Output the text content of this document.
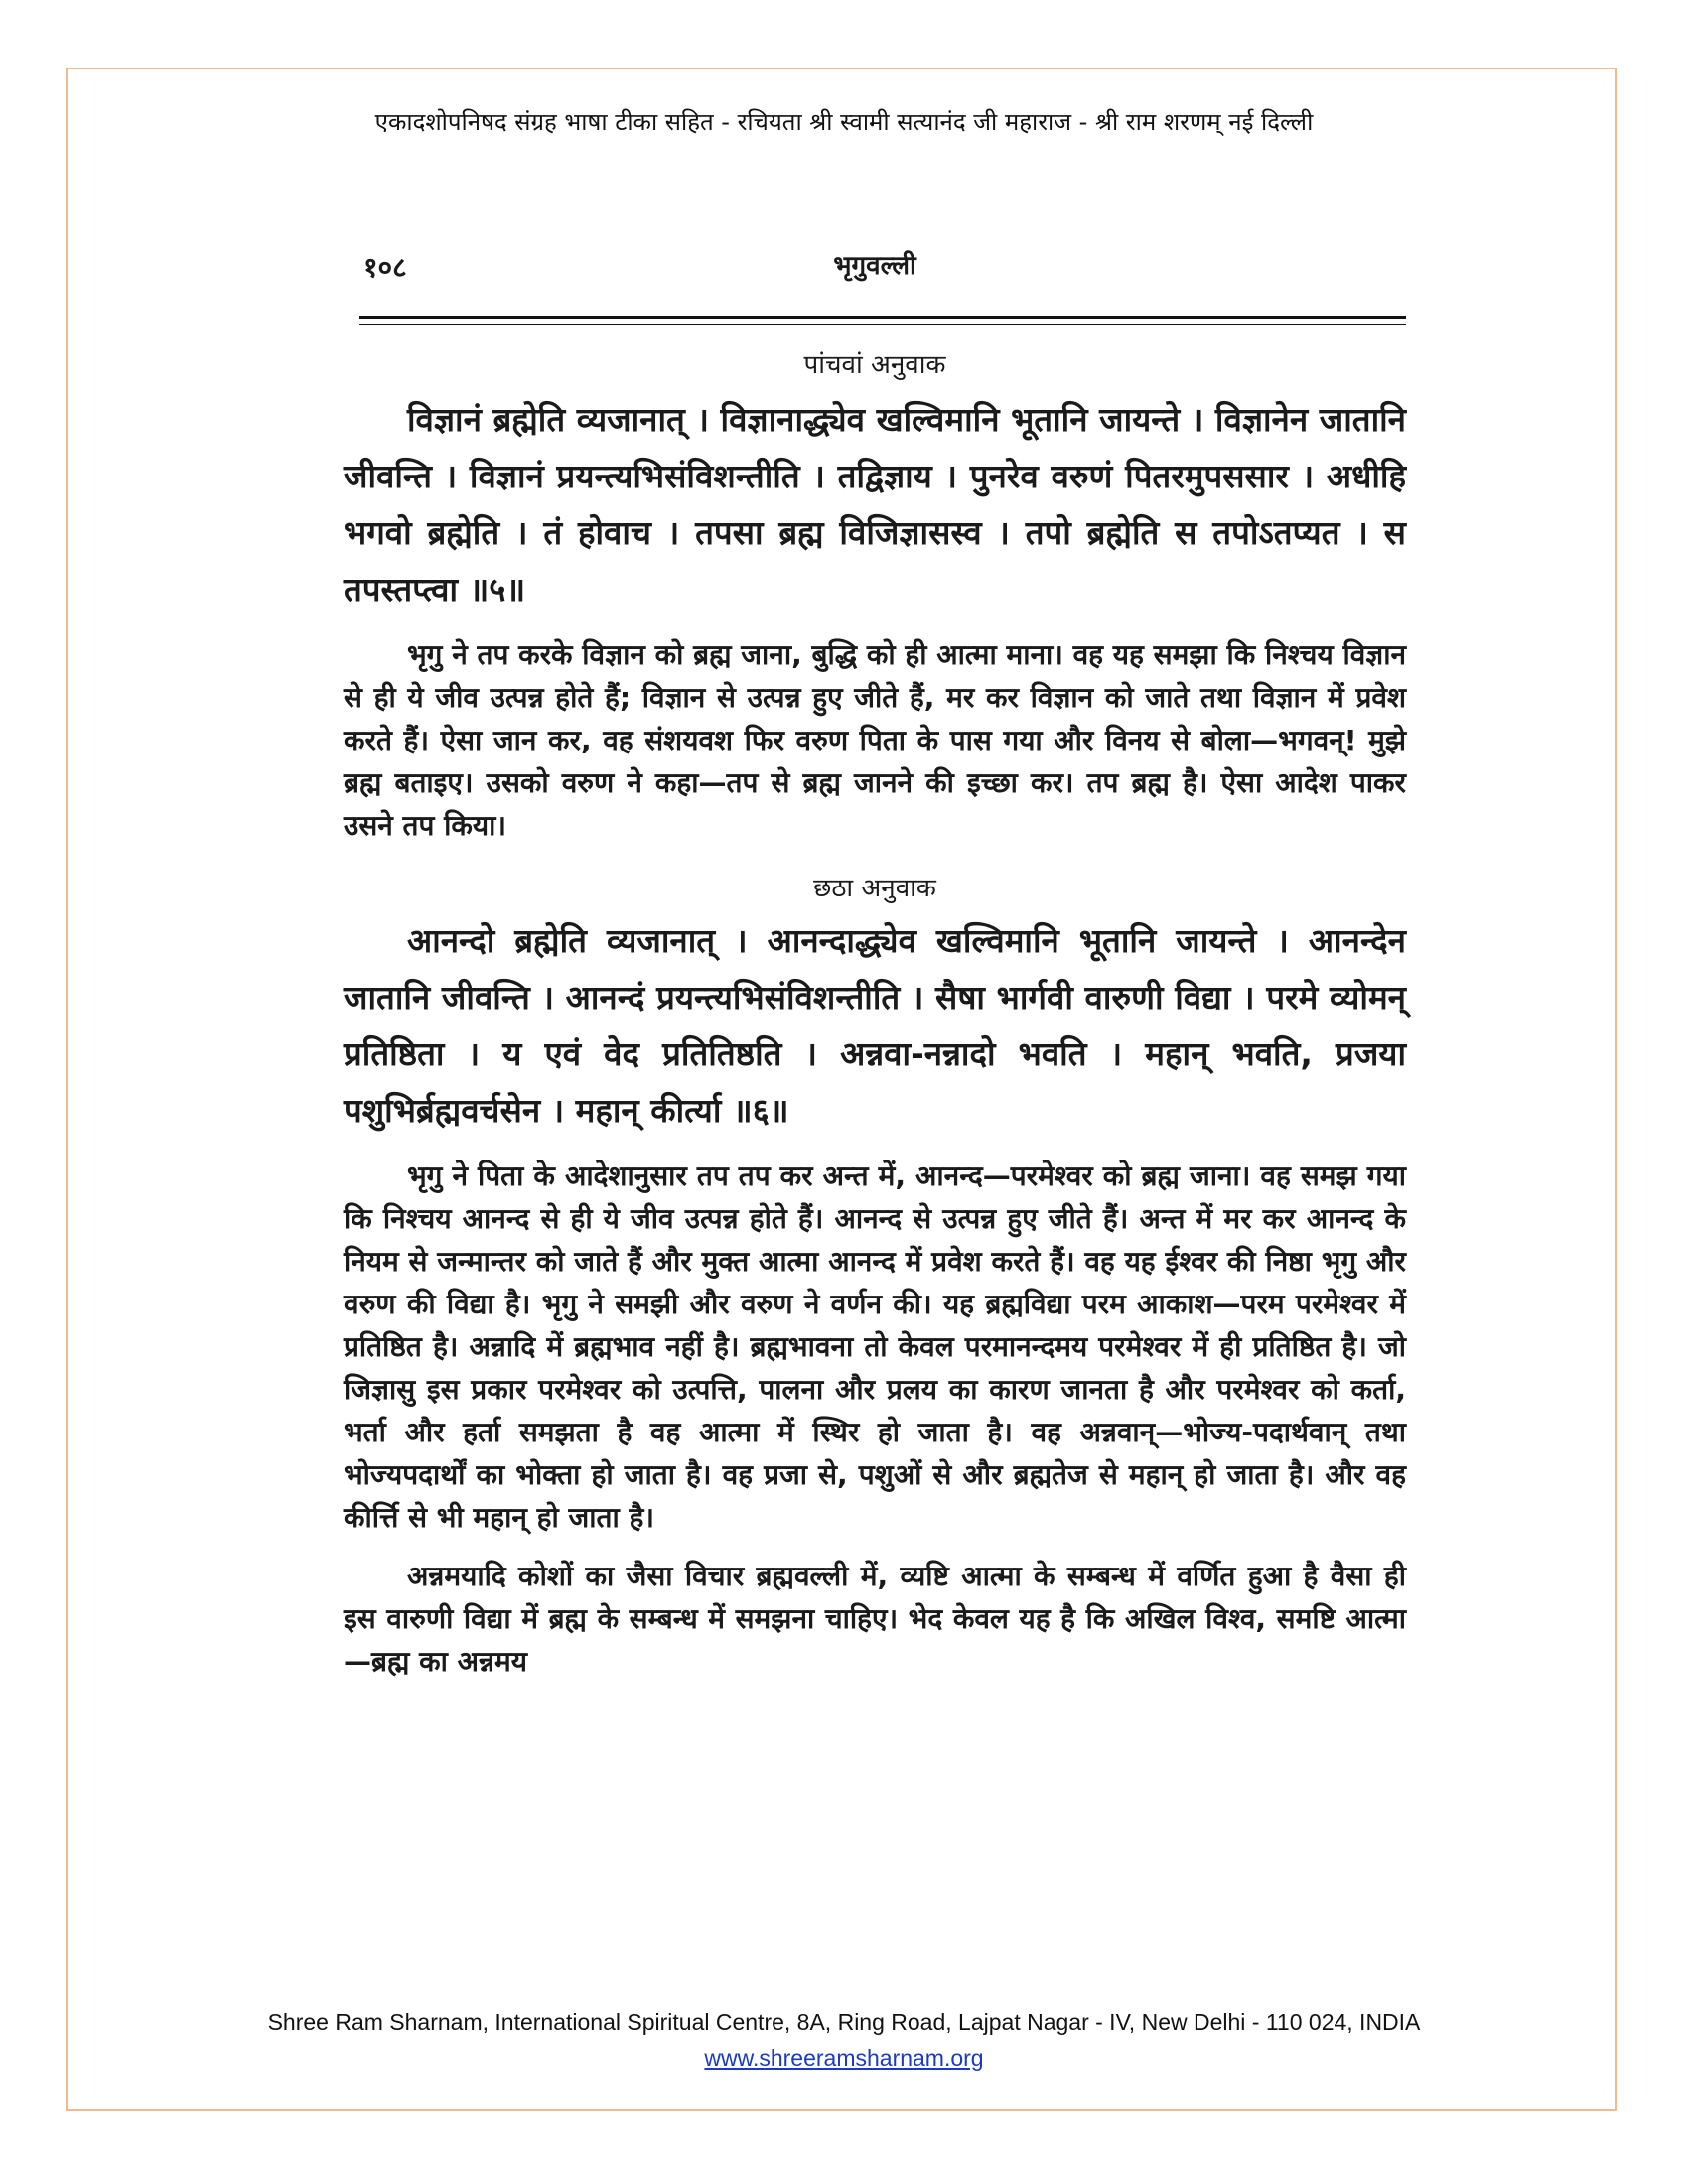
एकादशोपनिषद संग्रह भाषा टीका सहित - रचियता श्री स्वामी सत्यानंद जी महाराज - श्री राम शरणम् नई दिल्ली
१०८	भृगुवल्ली

पांचवां अनुवाक

विज्ञानं ब्रह्मेति व्यजानात् । विज्ञानाद्ध्येव खल्विमानि भूतानि जायन्ते । विज्ञानेन जातानि जीवन्ति । विज्ञानं प्रयन्त्यभिसंविशन्तीति । तद्विज्ञाय । पुनरेव वरुणं पितरमुपससार । अधीहि भगवो ब्रह्मेति । तं होवाच । तपसा ब्रह्म विजिज्ञासस्व । तपो ब्रह्मेति स तपोऽतप्यत । स तपस्तप्त्वा ॥५॥

भृगु ने तप करके विज्ञान को ब्रह्म जाना, बुद्धि को ही आत्मा माना। वह यह समझा कि निश्चय विज्ञान से ही ये जीव उत्पन्न होते हैं; विज्ञान से उत्पन्न हुए जीते हैं, मर कर विज्ञान को जाते तथा विज्ञान में प्रवेश करते हैं। ऐसा जान कर, वह संशयवश फिर वरुण पिता के पास गया और विनय से बोला—भगवन्! मुझे ब्रह्म बताइए। उसको वरुण ने कहा—तप से ब्रह्म जानने की इच्छा कर। तप ब्रह्म है। ऐसा आदेश पाकर उसने तप किया।

छठा अनुवाक

आनन्दो ब्रह्मेति व्यजानात् । आनन्दाद्ध्येव खल्विमानि भूतानि जायन्ते । आनन्देन जातानि जीवन्ति । आनन्दं प्रयन्त्यभिसंविशन्तीति । सैषा भार्गवी वारुणी विद्या । परमे व्योमन् प्रतिष्ठिता । य एवं वेद प्रतितिष्ठति । अन्नवा-नन्नादो भवति । महान् भवति, प्रजया पशुभिर्ब्रह्मवर्चसेन । महान् कीर्त्या ॥६॥

भृगु ने पिता के आदेशानुसार तप तप कर अन्त में, आनन्द—परमेश्वर को ब्रह्म जाना। वह समझ गया कि निश्चय आनन्द से ही ये जीव उत्पन्न होते हैं। आनन्द से उत्पन्न हुए जीते हैं। अन्त में मर कर आनन्द के नियम से जन्मान्तर को जाते हैं और मुक्त आत्मा आनन्द में प्रवेश करते हैं। वह यह ईश्वर की निष्ठा भृगु और वरुण की विद्या है। भृगु ने समझी और वरुण ने वर्णन की। यह ब्रह्मविद्या परम आकाश—परम परमेश्वर में प्रतिष्ठित है। अन्नादि में ब्रह्मभाव नहीं है। ब्रह्मभावना तो केवल परमानन्दमय परमेश्वर में ही प्रतिष्ठित है। जो जिज्ञासु इस प्रकार परमेश्वर को उत्पत्ति, पालना और प्रलय का कारण जानता है और परमेश्वर को कर्ता, भर्ता और हर्ता समझता है वह आत्मा में स्थिर हो जाता है। वह अन्नवान्—भोज्य-पदार्थवान् तथा भोज्यपदार्थों का भोक्ता हो जाता है। वह प्रजा से, पशुओं से और ब्रह्मतेज से महान् हो जाता है। और वह कीर्त्ति से भी महान् हो जाता है।

अन्नमयादि कोशों का जैसा विचार ब्रह्मवल्ली में, व्यष्टि आत्मा के सम्बन्ध में वर्णित हुआ है वैसा ही इस वारुणी विद्या में ब्रह्म के सम्बन्ध में समझना चाहिए। भेद केवल यह है कि अखिल विश्व, समष्टि आत्मा—ब्रह्म का अन्नमय

Shree Ram Sharnam, International Spiritual Centre, 8A, Ring Road, Lajpat Nagar - IV, New Delhi - 110 024, INDIA
www.shreeramsharnam.org
